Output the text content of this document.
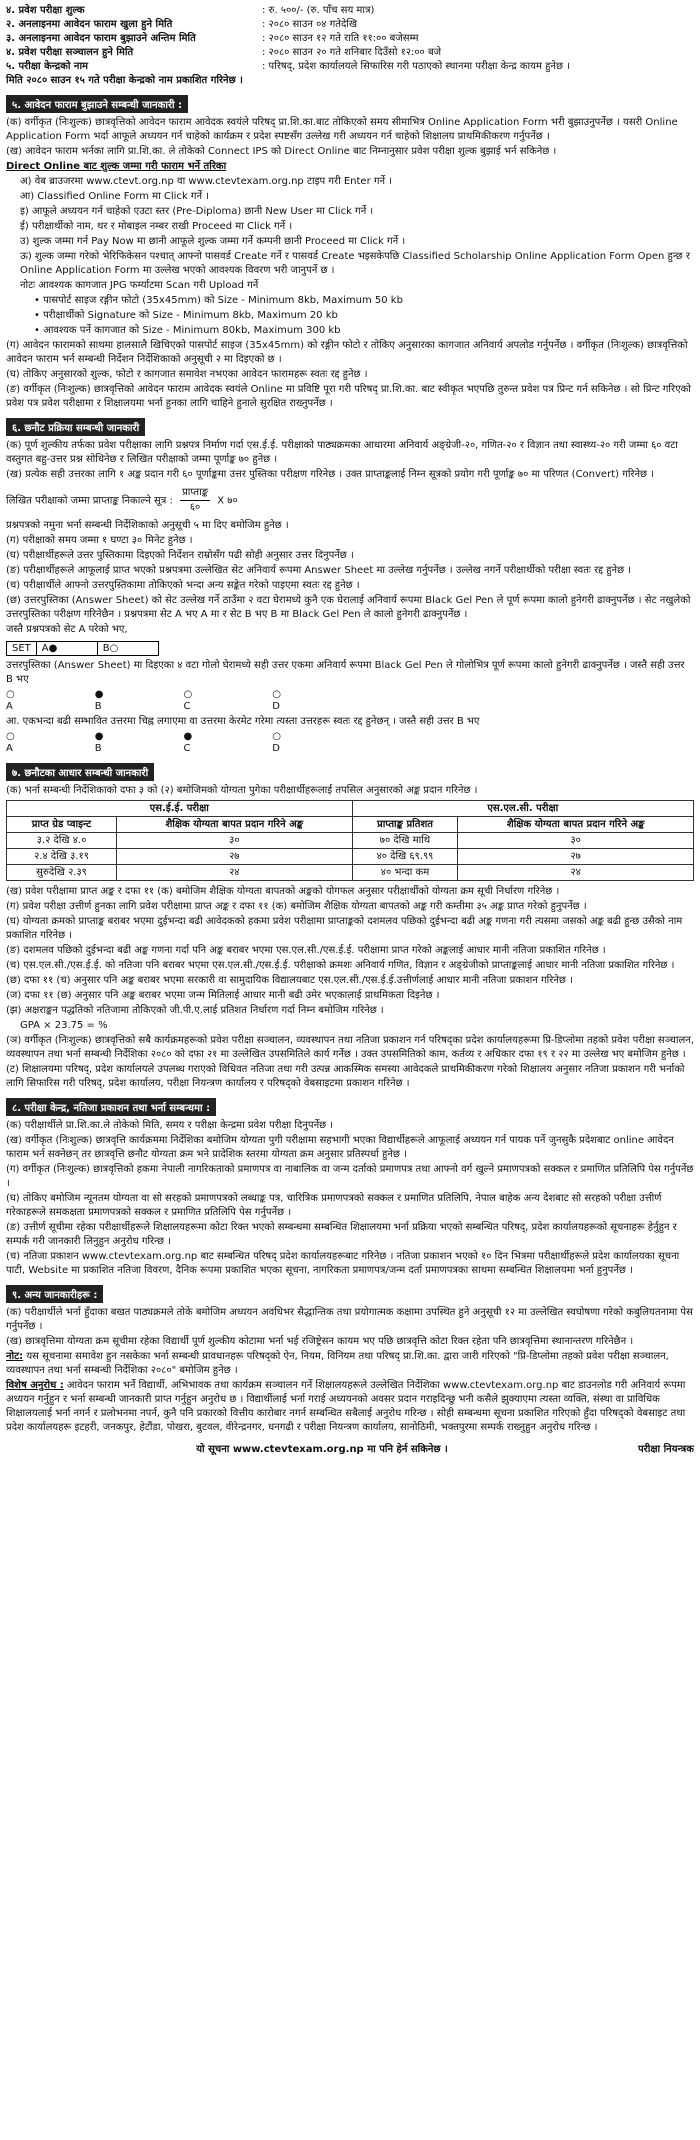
४. प्रवेश परीक्षा शुल्क	: रु. ५००/- (रु. पाँच सय मात्र)
२. अनलाइनमा आवेदन फाराम खुला हुने मिति	: २०८० साउन ०४ गतेदेखि
३. अनलाइनमा आवेदन फाराम बुझाउने अन्तिम मिति	: २०८० साउन १२ गते राति ११:०० बजेसम्म
४. प्रवेश परीक्षा सञ्चालन हुने मिति	: २०८० साउन २० गते शनिबार दिउँसो १२:०० बजे
५. परीक्षा केन्द्रको नाम	: परिषद्, प्रदेश कार्यालयले सिफारिस गरी पठाएको स्थानमा परीक्षा केन्द्र कायम हुनेछ ।
मिति २०८० साउन १५ गते परीक्षा केन्द्रको नाम प्रकाशित गरिनेछ ।
५. आवेदन फाराम बुझाउने सम्बन्धी जानकारी :
(क) वर्गीकृत (निःशुल्क) छात्रवृत्तिको आवेदन फाराम आवेदक स्वयंले परिषद् प्रा.शि.का.बाट तोकिएको समय सीमाभित्र Online Application Form भरी बुझाउनुपर्नेछ । यसरी Online Application Form भर्दा आफूले अध्ययन गर्न चाहेको कार्यक्रम र प्रदेश स्पष्टसँग उल्लेख गरी अध्ययन गर्न चाहेको शिक्षालय प्राथमिकीकरण गर्नुपर्नेछ ।
(ख) आवेदन फाराम भर्नका लागि प्रा.शि.का. ले तोकेको Connect IPS को Direct Online बाट निम्नानुसार प्रवेश परीक्षा शुल्क बुझाई भर्न सकिनेछ ।
Direct Online बाट शुल्क जम्मा गरी फाराम भर्ने तरिका
अ) वेब ब्राउजरमा www.ctevt.org.np वा www.ctevtexam.org.np टाइप गरी Enter गर्ने ।
आ) Classified Online Form मा Click गर्ने ।
इ) आफूले अध्ययन गर्न चाहेको एउटा स्तर (Pre-Diploma) छानी New User मा Click गर्ने ।
ई) परीक्षार्थीको नाम, थर र मोबाइल नम्बर राखी Proceed मा Click गर्ने ।
उ) शुल्क जम्मा गर्न Pay Now मा छानी आफूले शुल्क जम्मा गर्ने कम्पनी छानी Proceed मा Click गर्ने ।
ऊ) शुल्क जम्मा गरेको भेरिफिकेसन पश्चात् आफ्नो पासवर्ड Create गर्ने र पासवर्ड Create भइसकेपछि Classified Scholarship Online Application Form Open हुन्छ र Online Application Form मा उल्लेख भएको आवश्यक विवरण भरी जानुपर्ने छ ।
नोटः आवश्यक कागजात JPG फर्म्याटमा Scan गरी Upload गर्ने
• पासपोर्ट साइज रङ्गीन फोटो (35x45mm) को Size - Minimum 8kb, Maximum 50 kb
• परीक्षार्थीको Signature को Size - Minimum 8kb, Maximum 20 kb
• आवश्यक पर्ने कागजात को Size - Minimum 80kb, Maximum 300 kb
(ग) आवेदन फारामको साथमा हालसालै खिचिएको पासपोर्ट साइज (35x45mm) को रङ्गीन फोटो र तोकिए अनुसारका कागजात अनिवार्य अपलोड गर्नुपर्नेछ । वर्गीकृत (निःशुल्क) छात्रवृत्तिको आवेदन फाराम भर्न सम्बन्धी निर्देशन निर्देशिकाको अनुसूची २ मा दिइएको छ ।
(घ) तोकिए अनुसारको शुल्क, फोटो र कागजात समावेश नभएका आवेदन फारामहरू स्वतः रद्द हुनेछ ।
(ङ) वर्गीकृत (निःशुल्क) छात्रवृत्तिको आवेदन फाराम आवेदक स्वयंले Online मा प्रविष्टि पूरा गरी परिषद् प्रा.शि.का. बाट स्वीकृत भएपछि तुरुन्त प्रवेश पत्र प्रिन्ट गर्न सकिनेछ । सो प्रिन्ट गरिएको प्रवेश पत्र प्रवेश परीक्षामा र शिक्षालयमा भर्ना हुनका लागि चाहिने हुनाले सुरक्षित राख्नुपर्नेछ ।
६. छनौट प्रक्रिया सम्बन्धी जानकारी
(क) पूर्ण शुल्कीय तर्फका प्रवेश परीक्षाका लागि प्रश्नपत्र निर्माण गर्दा एस.ई.ई. परीक्षाको पाठ्यक्रमका आधारमा अनिवार्य अङ्ग्रेजी-२०, गणित-२० र विज्ञान तथा स्वास्थ्य-२० गरी जम्मा ६० वटा वस्तुगत बहु-उत्तर प्रश्न सोधिनेछ र लिखित परीक्षाको जम्मा पूर्णाङ्क ७० हुनेछ ।
(ख) प्रत्येक सही उत्तरका लागि १ अङ्क प्रदान गरी ६० पूर्णाङ्कमा उत्तर पुस्तिका परीक्षण गरिनेछ । उक्त प्राप्ताङ्कलाई निम्न सूत्रको प्रयोग गरी पूर्णाङ्क ७० मा परिणत (Convert) गरिनेछ ।
लिखित परीक्षाको जम्मा प्राप्ताङ्क निकाल्ने सूत्र : $\frac{\text{प्राप्ताङ्क}}{६०}$ X ७०
प्रश्नपत्रको नमुना भर्ना सम्बन्धी निर्देशिकाको अनुसूची ५ मा दिए बमोजिम हुनेछ ।
(ग) परीक्षाको समय जम्मा १ घण्टा ३० मिनेट हुनेछ ।
(घ) परीक्षार्थीहरूले उत्तर पुस्तिकामा दिइएको निर्देशन राम्रोसँग पढी सोही अनुसार उत्तर दिनुपर्नेछ ।
(ङ) परीक्षार्थीहरूले आफूलाई प्राप्त भएको प्रश्नपत्रमा उल्लेखित सेट अनिवार्य रूपमा Answer Sheet मा उल्लेख गर्नुपर्नेछ । उल्लेख नगर्ने परीक्षार्थीको परीक्षा स्वतः रद्द हुनेछ ।
(च) परीक्षार्थीले आफ्नो उत्तरपुस्तिकामा तोकिएको भन्दा अन्य सङ्केत गरेको पाइएमा स्वतः रद्द हुनेछ ।
(छ) उत्तरपुस्तिका (Answer Sheet) को सेट उल्लेख गर्ने ठाउँमा २ वटा घेरामध्ये कुनै एक घेरालाई अनिवार्य रूपमा Black Gel Pen ले पूर्ण रूपमा कालो हुनेगरी ढाक्नुपर्नेछ । सेट नखुलेको उत्तरपुस्तिका परीक्षण गरिनेछैन । प्रश्नपत्रमा सेट A भए A मा र सेट B भए B मा Black Gel Pen ले कालो हुनेगरी ढाक्नुपर्नेछ ।
जस्तै प्रश्नपत्रको सेट A परेको भए,
SET	A●	B○
उत्तरपुस्तिका (Answer Sheet) मा दिइएका ४ वटा गोलो घेरामध्ये सही उत्तर एकमा अनिवार्य रूपमा Black Gel Pen ले गोलोभित्र पूर्ण रूपमा कालो हुनेगरी ढाक्नुपर्नेछ । जस्तै सही उत्तर B भए
○
A
●
B
○
C
○
D
आ. एकभन्दा बढी सम्भावित उत्तरमा चिह्न लगाएमा वा उत्तरमा केरमेट गरेमा त्यस्ता उत्तरहरू स्वतः रद्द हुनेछन् । जस्तै सही उत्तर B भए
○
A
●
B
●
C
○
D
७. छनौटका आधार सम्बन्धी जानकारी
(क) भर्ना सम्बन्धी निर्देशिकाको दफा ३ को (२) बमोजिमको योग्यता पुगेका परीक्षार्थीहरूलाई तपसिल अनुसारको अङ्क प्रदान गरिनेछ ।
एस.ई.ई. परीक्षा		एस.एल.सी. परीक्षा	
प्राप्त ग्रेड प्वाइन्ट	शैक्षिक योग्यता बापत प्रदान गरिने अङ्क	प्राप्ताङ्क प्रतिशत	शैक्षिक योग्यता बापत प्रदान गरिने अङ्क
३.२ देखि ४.०	३०	७० देखि माथि	३०
२.४ देखि ३.१९	२७	४० देखि ६९.९९	२७
सुरुदेखि २.३९	२४	४० भन्दा कम	२४
(ख) प्रवेश परीक्षामा प्राप्त अङ्क र दफा ११ (क) बमोजिम शैक्षिक योग्यता बापतको अङ्कको योगफल अनुसार परीक्षार्थीको योग्यता क्रम सूची निर्धारण गरिनेछ ।
(ग) प्रवेश परीक्षा उत्तीर्ण हुनका लागि प्रवेश परीक्षामा प्राप्त अङ्क र दफा ११ (क) बमोजिम शैक्षिक योग्यता बापतको अङ्क गरी कम्तीमा ३५ अङ्क प्राप्त गरेको हुनुपर्नेछ ।
(घ) योग्यता क्रमको प्राप्ताङ्क बराबर भएमा दुईभन्दा बढी आवेदकको हकमा प्रवेश परीक्षामा प्राप्ताङ्कको दशमलव पछिको दुईभन्दा बढी अङ्क गणना गरी त्यसमा जसको अङ्क बढी हुन्छ उसैको नाम प्रकाशित गरिनेछ ।
(ङ) दशमलव पछिको दुईभन्दा बढी अङ्क गणना गर्दा पनि अङ्क बराबर भएमा एस.एल.सी./एस.ई.ई. परीक्षामा प्राप्त गरेको अङ्कलाई आधार मानी नतिजा प्रकाशित गरिनेछ ।
(च) एस.एल.सी./एस.ई.ई. को नतिजा पनि बराबर भएमा एस.एल.सी./एस.ई.ई. परीक्षाको क्रमशः अनिवार्य गणित, विज्ञान र अङ्ग्रेजीको प्राप्ताङ्कलाई आधार मानी नतिजा प्रकाशित गरिनेछ ।
(छ) दफा ११ (च) अनुसार पनि अङ्क बराबर भएमा सरकारी वा सामुदायिक विद्यालयबाट एस.एल.सी./एस.ई.ई.उत्तीर्णलाई आधार मानी नतिजा प्रकाशन गरिनेछ ।
(ज) दफा ११ (छ) अनुसार पनि अङ्क बराबर भएमा जन्म मितिलाई आधार मानी बढी उमेर भएकालाई प्राथमिकता दिइनेछ ।
(झ) अक्षराङ्कन पद्धतिको नतिजामा तोकिएको जी.पी.ए.लाई प्रतिशत निर्धारण गर्दा निम्न बमोजिम गरिनेछ ।
GPA × 23.75 = %
(ञ) वर्गीकृत (निःशुल्क) छात्रवृत्तिको सबै कार्यक्रमहरूको प्रवेश परीक्षा सञ्चालन, व्यवस्थापन तथा नतिजा प्रकाशन गर्न परिषद्का प्रदेश कार्यालयहरूमा प्रि-डिप्लोमा तहको प्रवेश परीक्षा सञ्चालन, व्यवस्थापन तथा भर्ना सम्बन्धी निर्देशिका २०८० को दफा २१ मा उल्लेखित उपसमितिले कार्य गर्नेछ । उक्त उपसमितिको काम, कर्तव्य र अधिकार दफा १९ र २२ मा उल्लेख भए बमोजिम हुनेछ ।
(ट) शिक्षालयमा परिषद्, प्रदेश कार्यालयले उपलब्ध गराएको विधिवत नतिजा तथा गरी उत्पन्न आकस्मिक समस्या आवेदकले प्राथमिकीकरण गरेको शिक्षालय अनुसार नतिजा प्रकाशन गरी भर्नाको लागि सिफारिस गरी परिषद्, प्रदेश कार्यालय, परीक्षा नियन्त्रण कार्यालय र परिषद्को वेबसाइटमा प्रकाशन गरिनेछ ।
८. परीक्षा केन्द्र, नतिजा प्रकाशन तथा भर्ना सम्बन्धमा :
(क) परीक्षार्थीले प्रा.शि.का.ले तोकेको मिति, समय र परीक्षा केन्द्रमा प्रवेश परीक्षा दिनुपर्नेछ ।
(ख) वर्गीकृत (निःशुल्क) छात्रवृत्ति कार्यक्रममा निर्देशिका बमोजिम योग्यता पुगी परीक्षामा सहभागी भएका विद्यार्थीहरूले आफूलाई अध्ययन गर्न पायक पर्ने जुनसुकै प्रदेशबाट online आवेदन फाराम भर्न सक्नेछन् तर छात्रवृत्ति छनौट योग्यता क्रम भने प्रादेशिक स्तरमा योग्यता क्रम अनुसार प्रतिस्पर्धा हुनेछ ।
(ग) वर्गीकृत (निःशुल्क) छात्रवृत्तिको हकमा नेपाली नागरिकताको प्रमाणपत्र वा नाबालिक वा जन्म दर्ताको प्रमाणपत्र तथा आफ्नो वर्ग खुल्ने प्रमाणपत्रको सक्कल र प्रमाणित प्रतिलिपि पेस गर्नुपर्नेछ ।
(घ) तोकिए बमोजिम न्यूनतम योग्यता वा सो सरहको प्रमाणपत्रको लब्धाङ्क पत्र, चारित्रिक प्रमाणपत्रको सक्कल र प्रमाणित प्रतिलिपि, नेपाल बाहेक अन्य देशबाट सो सरहको परीक्षा उत्तीर्ण गरेकाहरूले समकक्षता प्रमाणपत्रको सक्कल र प्रमाणित प्रतिलिपि पेस गर्नुपर्नेछ ।
(ङ) उत्तीर्ण सूचीमा रहेका परीक्षार्थीहरूले शिक्षालयहरूमा कोटा रिक्त भएको सम्बन्धमा सम्बन्धित शिक्षालयमा भर्ना प्रक्रिया भएको सम्बन्धित परिषद्, प्रदेश कार्यालयहरूको सूचनाहरू हेर्नुहुन र सम्पर्क गरी जानकारी लिनुहुन अनुरोध गरिन्छ ।
(च) नतिजा प्रकाशन www.ctevtexam.org.np बाट सम्बन्धित परिषद् प्रदेश कार्यालयहरूबाट गरिनेछ । नतिजा प्रकाशन भएको १० दिन भित्रमा परीक्षार्थीहरूले प्रदेश कार्यालयका सूचना पाटी, Website मा प्रकाशित नतिजा विवरण, दैनिक रूपमा प्रकाशित भएका सूचना, नागरिकता प्रमाणपत्र/जन्म दर्ता प्रमाणपत्रका साथमा सम्बन्धित शिक्षालयमा भर्ना हुनुपर्नेछ ।
९. अन्य जानकारीहरू :
(क) परीक्षार्थीले भर्ना हुँदाका बखत पाठ्यक्रमले तोके बमोजिम अध्ययन अवधिभर सैद्धान्तिक तथा प्रयोगात्मक कक्षामा उपस्थित हुने अनुसूची १२ मा उल्लेखित स्वघोषणा गरेको कबुलियतनामा पेस गर्नुपर्नेछ ।
(ख) छात्रवृत्तिमा योग्यता क्रम सूचीमा रहेका विद्यार्थी पूर्ण शुल्कीय कोटामा भर्ना भई रजिष्ट्रेसन कायम भए पछि छात्रवृत्ति कोटा रिक्त रहेता पनि छात्रवृत्तिमा स्थानान्तरण गरिनेछैन ।
नोट: यस सूचनामा समावेश हुन नसकेका भर्ना सम्बन्धी प्रावधानहरू परिषद्को ऐन, नियम, विनियम तथा परिषद् प्रा.शि.का. द्वारा जारी गरिएको "प्रि-डिप्लोमा तहको प्रवेश परीक्षा सञ्चालन, व्यवस्थापन तथा भर्ना सम्बन्धी निर्देशिका २०८०" बमोजिम हुनेछ ।
विशेष अनुरोध : आवेदन फाराम भर्ने विद्यार्थी, अभिभावक तथा कार्यक्रम सञ्चालन गर्ने शिक्षालयहरूले उल्लेखित निर्देशिका www.ctevtexam.org.np बाट डाउनलोड गरी अनिवार्य रूपमा अध्ययन गर्नुहुन र भर्ना सम्बन्धी जानकारी प्राप्त गर्नुहुन अनुरोध छ । विद्यार्थीलाई भर्ना गराई अध्ययनको अवसर प्रदान गराइदिन्छु भनी कसैले झुक्याएमा त्यस्ता व्यक्ति, संस्था वा प्राविधिक शिक्षालयलाई भर्ना नगर्न र प्रलोभनमा नपर्न, कुनै पनि प्रकारको वित्तीय कारोबार नगर्न सम्बन्धित सबैलाई अनुरोध गरिन्छ । सोही सम्बन्धमा सूचना प्रकाशित गरिएको हुँदा परिषद्को वेबसाइट तथा प्रदेश कार्यालयहरू इटहरी, जनकपुर, हेटौंडा, पोखरा, बुटवल, वीरेन्द्रनगर, धनगढी र परीक्षा नियन्त्रण कार्यालय, सानोठिमी, भक्तपुरमा सम्पर्क राख्नुहुन अनुरोध गरिन्छ ।
यो सूचना www.ctevtexam.org.np मा पनि हेर्न सकिनेछ ।	परीक्षा नियन्त्रक
